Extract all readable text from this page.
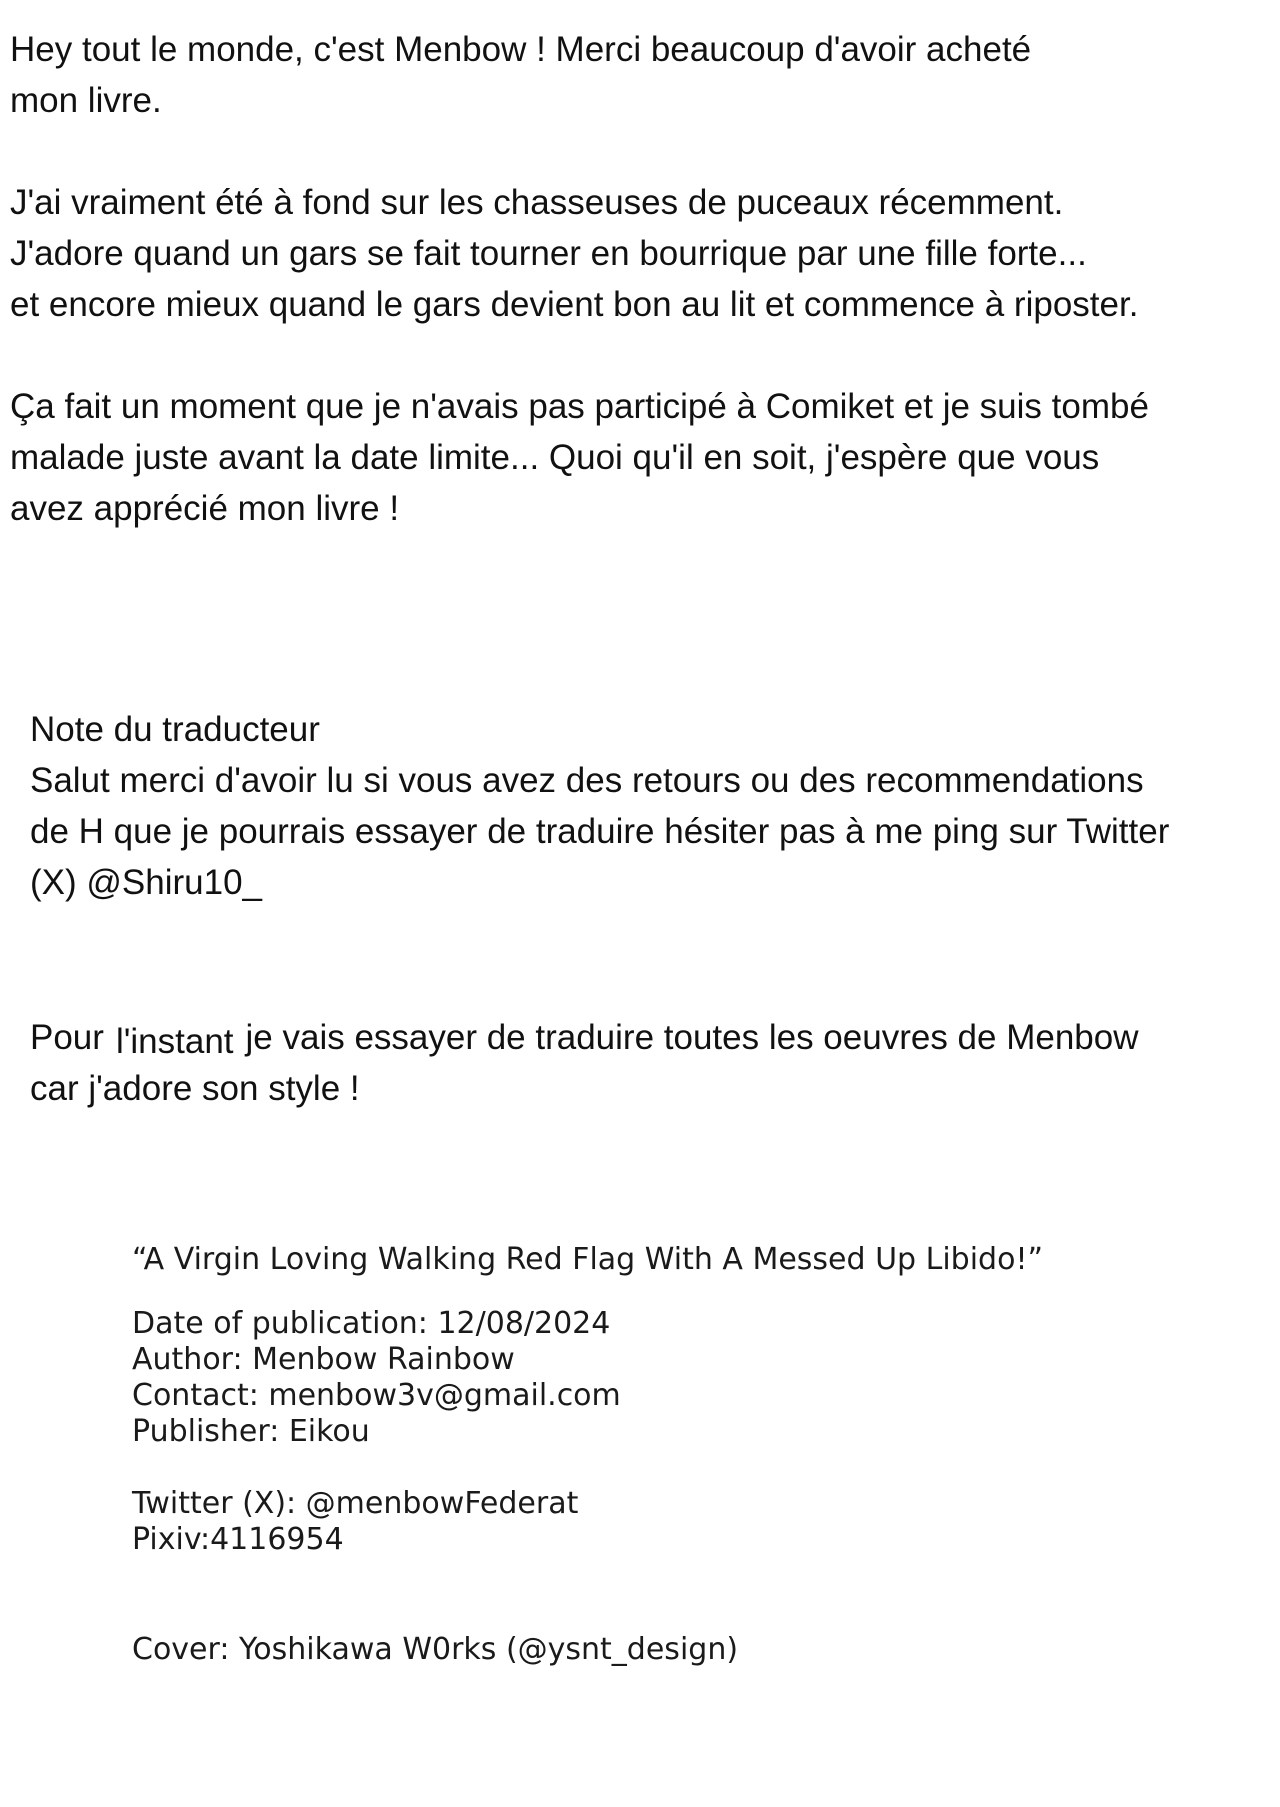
Hey tout le monde, c'est Menbow ! Merci beaucoup d'avoir acheté
mon livre.
J'ai vraiment été à fond sur les chasseuses de puceaux récemment.
J'adore quand un gars se fait tourner en bourrique par une fille forte...
et encore mieux quand le gars devient bon au lit et commence à riposter.
Ça fait un moment que je n'avais pas participé à Comiket et je suis tombé
malade juste avant la date limite... Quoi qu'il en soit, j'espère que vous
avez apprécié mon livre !
Note du traducteur
Salut merci d'avoir lu si vous avez des retours ou des recommendations
de H que je pourrais essayer de traduire hésiter pas à me ping sur Twitter
(X) @Shiru10_
Pour l'instant je vais essayer de traduire toutes les oeuvres de Menbow
car j'adore son style !
“A Virgin Loving Walking Red Flag With A Messed Up Libido!”
Date of publication: 12/08/2024
Author: Menbow Rainbow
Contact: menbow3v@gmail.com
Publisher: Eikou
Twitter (X): @menbowFederat
Pixiv:4116954
Cover: Yoshikawa W0rks (@ysnt_design)
